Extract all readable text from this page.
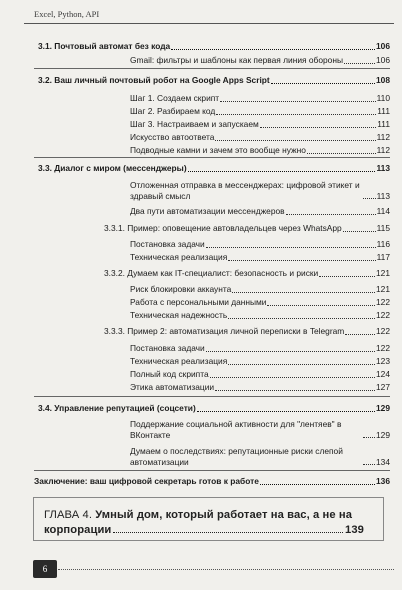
Excel, Python, API
3.1. Почтовый автомат без кода	106
Gmail: фильтры и шаблоны как первая линия обороны	106
3.2. Ваш личный почтовый робот на Google Apps Script	108
Шаг 1. Создаем скрипт	110
Шаг 2. Разбираем код	111
Шаг 3. Настраиваем и запускаем	111
Искусство автоответа	112
Подводные камни и зачем это вообще нужно	112
3.3. Диалог с миром (мессенджеры)	113
Отложенная отправка в мессенджерах: цифровой этикет и здравый смысл	113
Два пути автоматизации мессенджеров	114
3.3.1. Пример: оповещение автовладельцев через WhatsApp	115
Постановка задачи	116
Техническая реализация	117
3.3.2. Думаем как IT-специалист: безопасность и риски	121
Риск блокировки аккаунта	121
Работа с персональными данными	122
Техническая надежность	122
3.3.3. Пример 2: автоматизация личной переписки в Telegram	122
Постановка задачи	122
Техническая реализация	123
Полный код скрипта	124
Этика автоматизации	127
3.4. Управление репутацией (соцсети)	129
Поддержание социальной активности для "лентяев" в ВКонтакте	129
Думаем о последствиях: репутационные риски слепой автоматизации	134
Заключение: ваш цифровой секретарь готов к работе	136
ГЛАВА 4. Умный дом, который работает на вас, а не на
корпорации	139
6
